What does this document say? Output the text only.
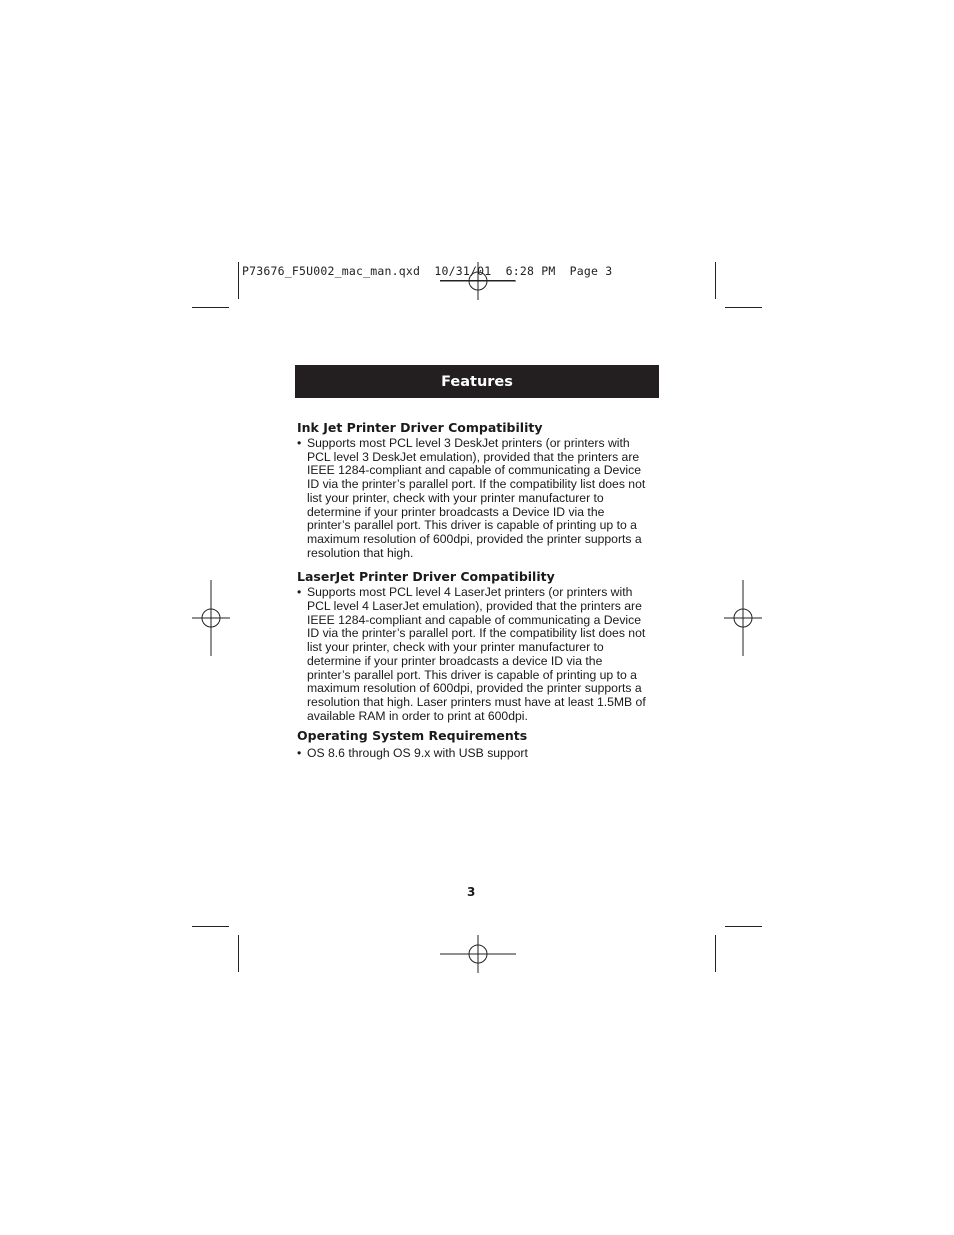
P73676_F5U002_mac_man.qxd  10/31/01  6:28 PM  Page 3
Features
Ink Jet Printer Driver Compatibility

• Supports most PCL level 3 DeskJet printers (or printers with PCL level 3 DeskJet emulation), provided that the printers are IEEE 1284-compliant and capable of communicating a Device ID via the printer’s parallel port. If the compatibility list does not list your printer, check with your printer manufacturer to determine if your printer broadcasts a Device ID via the printer’s parallel port. This driver is capable of printing up to a maximum resolution of 600dpi, provided the printer supports a resolution that high.

LaserJet Printer Driver Compatibility

• Supports most PCL level 4 LaserJet printers (or printers with PCL level 4 LaserJet emulation), provided that the printers are IEEE 1284-compliant and capable of communicating a Device ID via the printer’s parallel port. If the compatibility list does not list your printer, check with your printer manufacturer to determine if your printer broadcasts a device ID via the printer’s parallel port. This driver is capable of printing up to a maximum resolution of 600dpi, provided the printer supports a resolution that high. Laser printers must have at least 1.5MB of available RAM in order to print at 600dpi.

Operating System Requirements

• OS 8.6 through OS 9.x with USB support

3
